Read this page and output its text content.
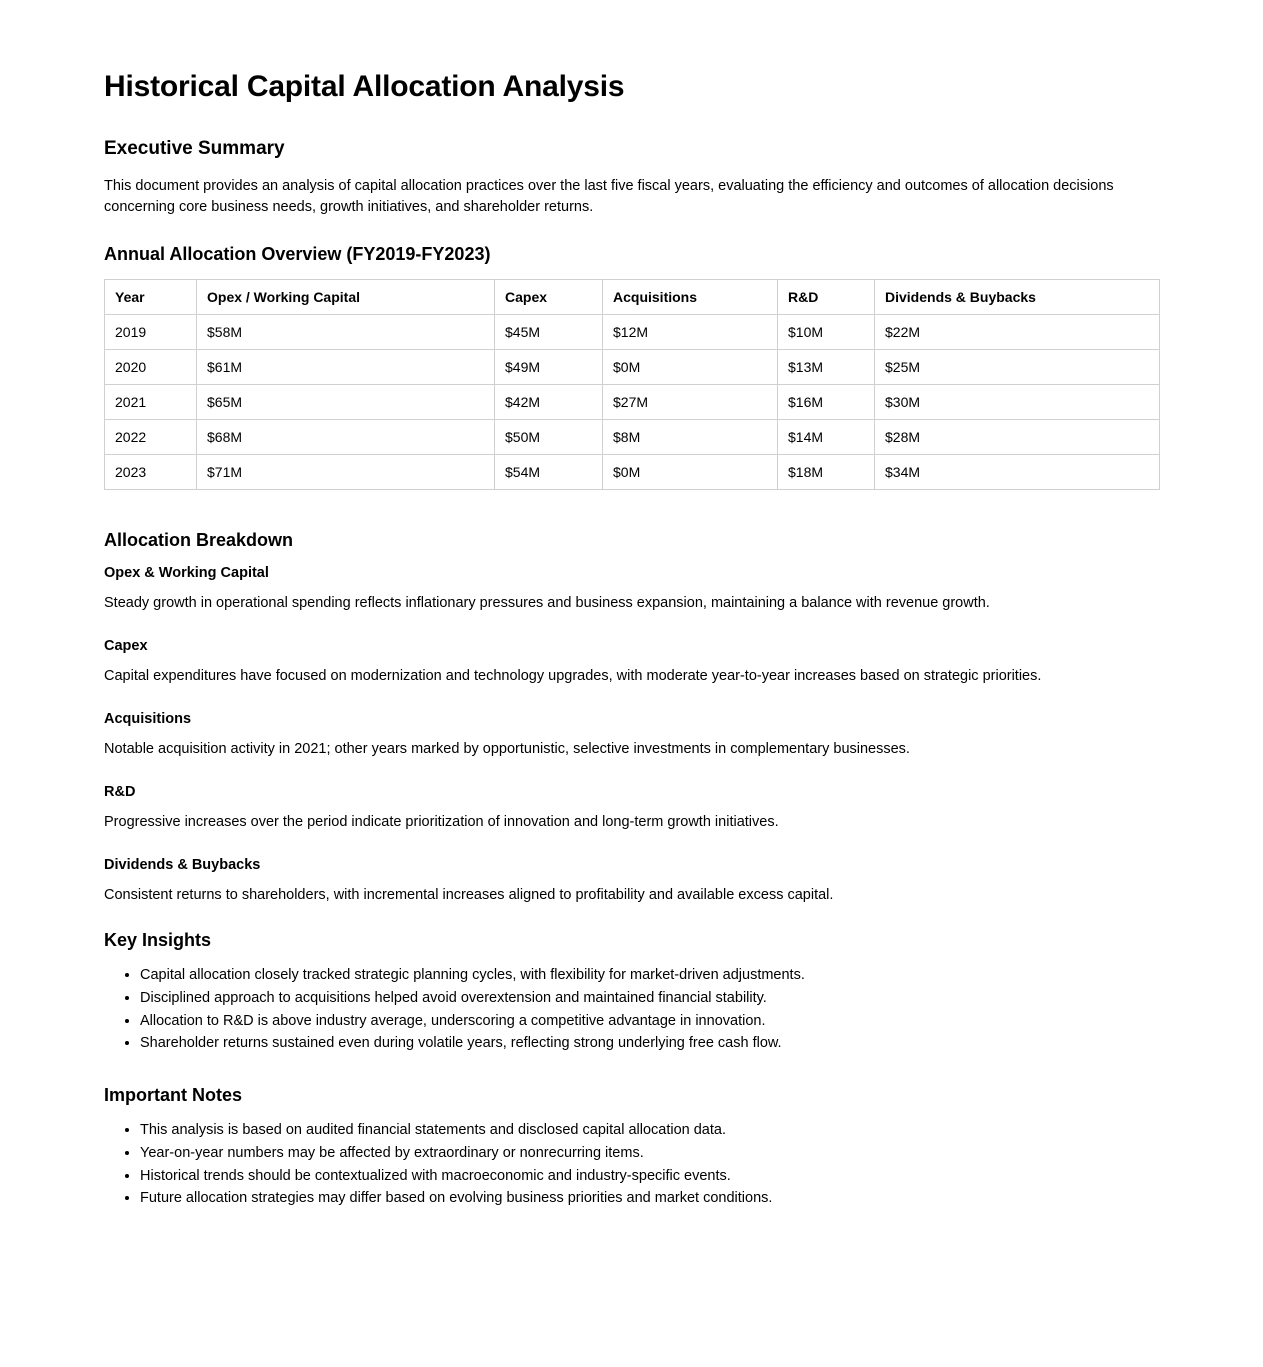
Historical Capital Allocation Analysis
Executive Summary

This document provides an analysis of capital allocation practices over the last five fiscal years, evaluating the efficiency and outcomes of allocation decisions concerning core business needs, growth initiatives, and shareholder returns.

Annual Allocation Overview (FY2019-FY2023)
Year	Opex / Working Capital	Capex	Acquisitions	R&D	Dividends & Buybacks
2019	$58M	$45M	$12M	$10M	$22M
2020	$61M	$49M	$0M	$13M	$25M
2021	$65M	$42M	$27M	$16M	$30M
2022	$68M	$50M	$8M	$14M	$28M
2023	$71M	$54M	$0M	$18M	$34M
Allocation Breakdown
Opex & Working Capital

Steady growth in operational spending reflects inflationary pressures and business expansion, maintaining a balance with revenue growth.

Capex

Capital expenditures have focused on modernization and technology upgrades, with moderate year-to-year increases based on strategic priorities.

Acquisitions

Notable acquisition activity in 2021; other years marked by opportunistic, selective investments in complementary businesses.

R&D

Progressive increases over the period indicate prioritization of innovation and long-term growth initiatives.

Dividends & Buybacks

Consistent returns to shareholders, with incremental increases aligned to profitability and available excess capital.

Key Insights
• Capital allocation closely tracked strategic planning cycles, with flexibility for market-driven adjustments.
• Disciplined approach to acquisitions helped avoid overextension and maintained financial stability.
• Allocation to R&D is above industry average, underscoring a competitive advantage in innovation.
• Shareholder returns sustained even during volatile years, reflecting strong underlying free cash flow.
Important Notes
• This analysis is based on audited financial statements and disclosed capital allocation data.
• Year-on-year numbers may be affected by extraordinary or nonrecurring items.
• Historical trends should be contextualized with macroeconomic and industry-specific events.
• Future allocation strategies may differ based on evolving business priorities and market conditions.
